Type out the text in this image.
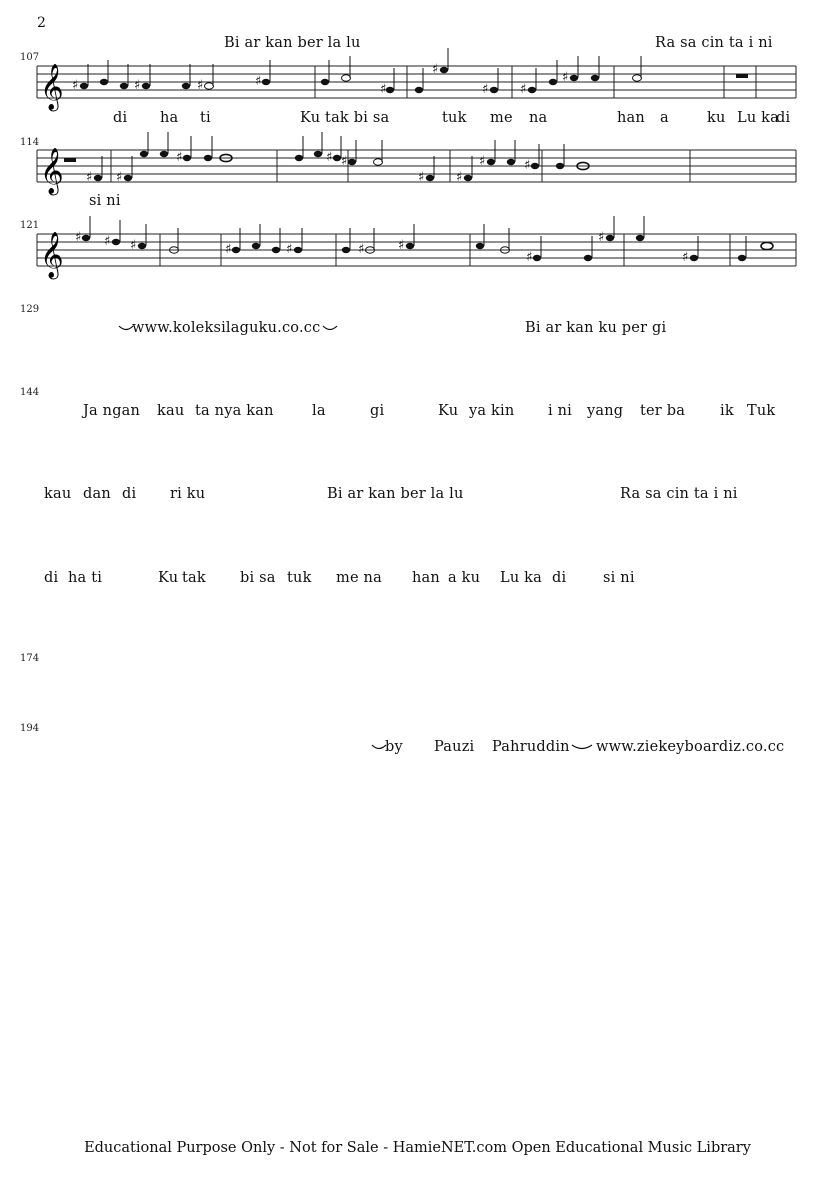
2
107
Bi ar kan ber la lu	Ra sa cin ta i ni
𝄞 ♯	♯	♯	♯
♯
♯
♯ ♯
♯
di ha ti	Ku tak bi sa	tuk me na	han a	ku Lu ka
di
114
𝄞 ♯ ♯
♯	♯ ♯
♯ ♯
♯	♯
si ni
121
𝄞 ♯ ♯ ♯	♯	♯	♯	♯
♯
♯
♯
129
www.koleksilaguku.co.cc	Bi ar kan ku per gi
144
Ja ngan kau ta nya kan	la	gi	Ku ya kin i ni yang ter ba ik Tuk
kau dan di ri ku	Bi ar kan ber la lu	Ra sa cin ta i ni
di ha ti	Ku tak bi sa tuk me na han a ku Lu ka di	si ni
174
194
by Pauzi Pahruddin www.ziekeyboardiz.co.cc
Educational Purpose Only - Not for Sale - HamieNET.com Open Educational Music Library
